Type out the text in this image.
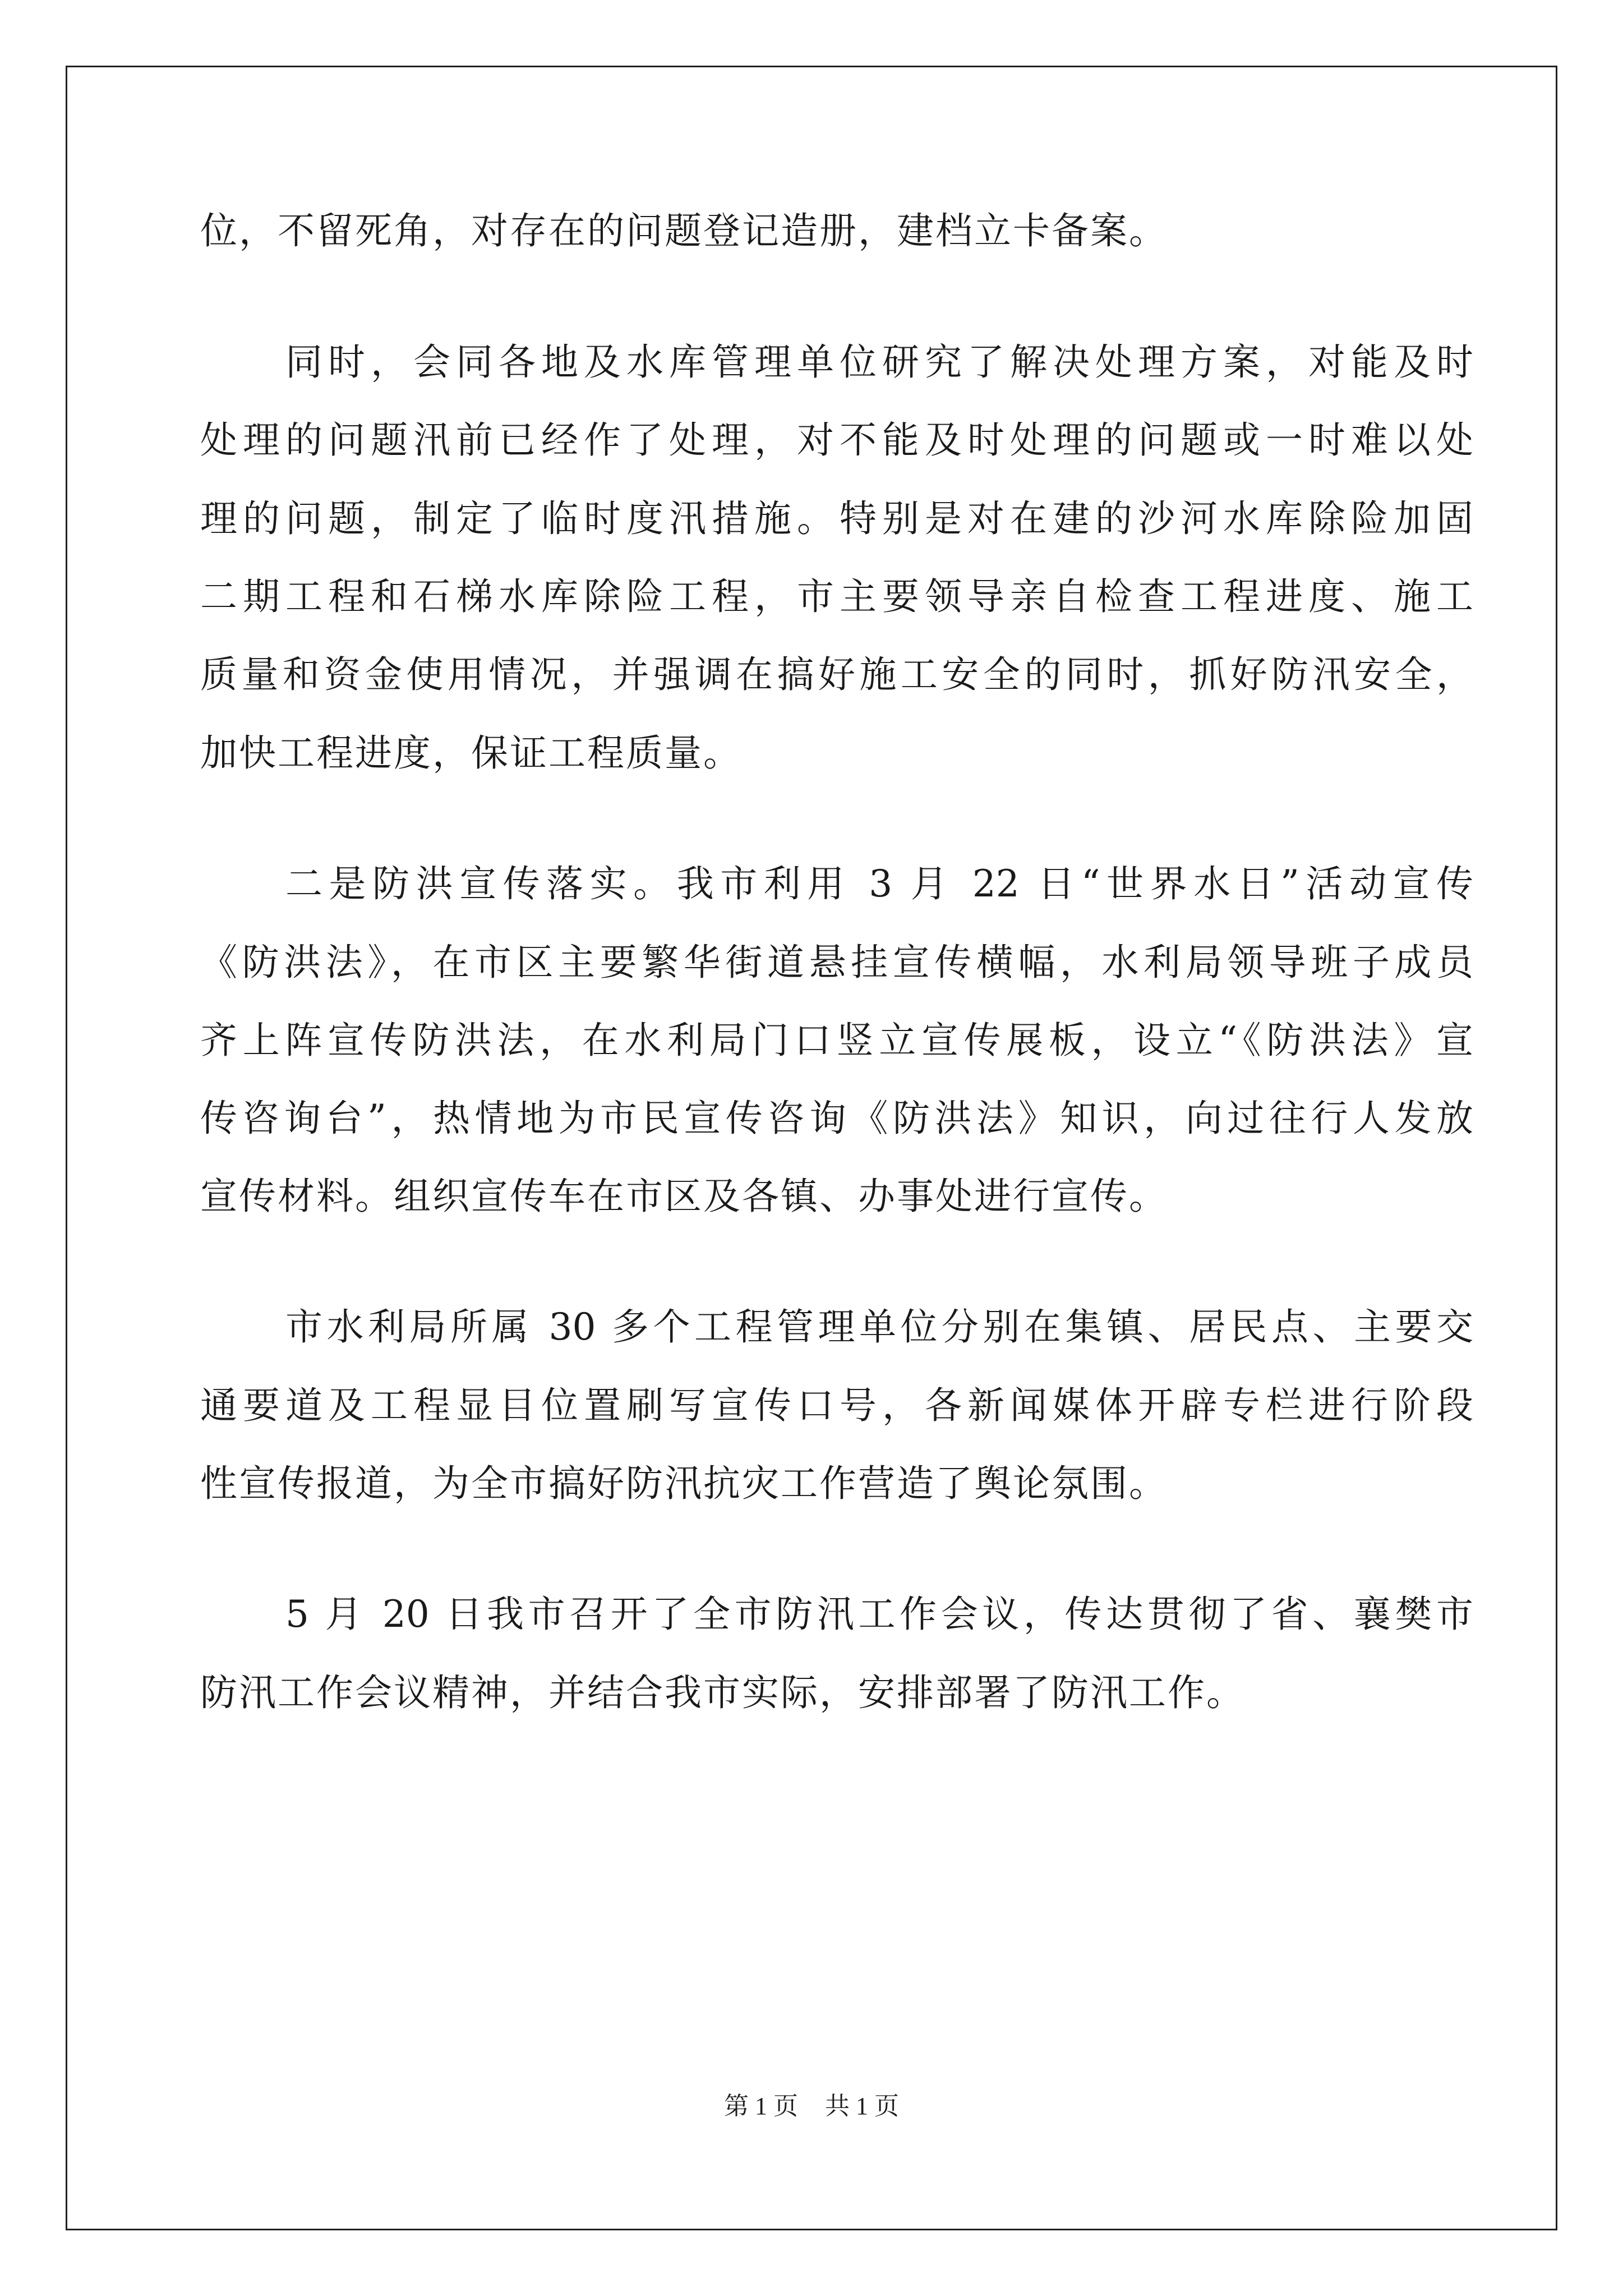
位，不留死角，对存在的问题登记造册，建档立卡备案。
同时，会同各地及水库管理单位研究了解决处理方案，对能及时
处理的问题汛前已经作了处理，对不能及时处理的问题或一时难以处
理的问题，制定了临时度汛措施。特别是对在建的沙河水库除险加固
二期工程和石梯水库除险工程，市主要领导亲自检查工程进度、施工
质量和资金使用情况，并强调在搞好施工安全的同时，抓好防汛安全，
加快工程进度，保证工程质量。
二是防洪宣传落实。我市利用 3 月 22 日“世界水日”活动宣传
《防洪法》，在市区主要繁华街道悬挂宣传横幅，水利局领导班子成员
齐上阵宣传防洪法，在水利局门口竖立宣传展板，设立“《防洪法》宣
传咨询台”，热情地为市民宣传咨询《防洪法》知识，向过往行人发放
宣传材料。组织宣传车在市区及各镇、办事处进行宣传。
市水利局所属 30 多个工程管理单位分别在集镇、居民点、主要交
通要道及工程显目位置刷写宣传口号，各新闻媒体开辟专栏进行阶段
性宣传报道，为全市搞好防汛抗灾工作营造了舆论氛围。
5 月 20 日我市召开了全市防汛工作会议，传达贯彻了省、襄樊市
防汛工作会议精神，并结合我市实际，安排部署了防汛工作。
第 1 页 共 1 页
